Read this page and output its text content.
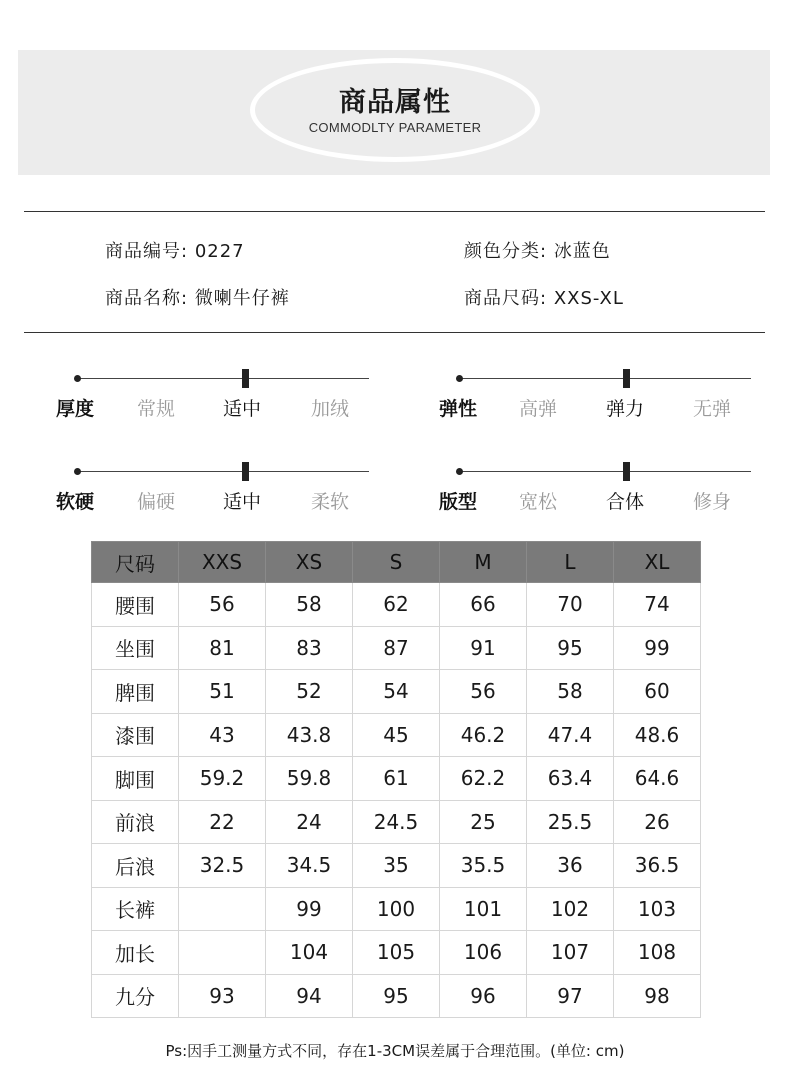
商品属性
COMMODLTY PARAMETER
商品编号: 0227	颜色分类: 冰蓝色
商品名称: 微喇牛仔裤	商品尺码: XXS-XL
厚度 常规	适中	加绒	弹性 高弹	弹力	无弹
软硬 偏硬	适中	柔软	版型 宽松	合体	修身
尺码	XXS	XS	S	M	L	XL
腰围	56	58	62	66	70	74
坐围	81	83	87	91	95	99
脾围	51	52	54	56	58	60
漆围	43	43.8	45	46.2	47.4	48.6
脚围	59.2	59.8	61	62.2	63.4	64.6
前浪	22	24	24.5	25	25.5	26
后浪	32.5	34.5	35	35.5	36	36.5
长裤		99	100	101	102	103
加长		104	105	106	107	108
九分	93	94	95	96	97	98
Ps:因手工测量方式不同，存在1-3CM误差属于合理范围。(单位: cm)
